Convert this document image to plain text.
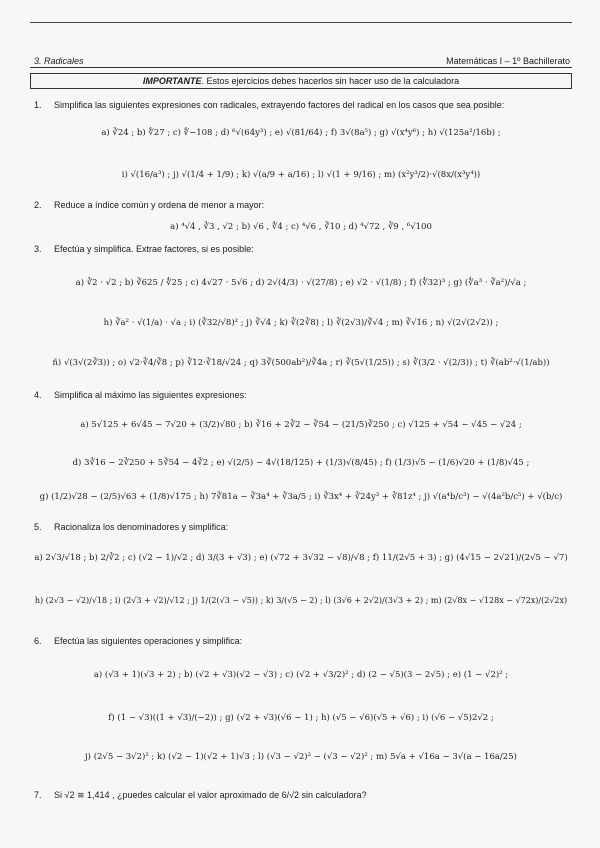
3. Radicales	Matemáticas I – 1º Bachillerato
IMPORTANTE. Estos ejercicios debes hacerlos sin hacer uso de la calculadora
1. Simplifica las siguientes expresiones con radicales, extrayendo factores del radical en los casos que sea posible:
a) ∛24 ; b) ∜27 ; c) ∜−108 ; d) ⁶√(64y³) ; e) √(81/64) ; f) 3√(8a⁵) ; g) √(x⁴y⁶) ; h) √(125a²/16b) ;
i) √(16/a³) ; j) √(1/4 + 1/9) ; k) √(a/9 + a/16) ; l) √(1 + 9/16) ; m) (x²y³/2)·√(8x/(x³y⁴))
2. Reduce a índice común y ordena de menor a mayor:
a) ⁴√4 , ∛3 , √2 ; b) √6 , ∜4 ; c) ⁴√6 , ∛10 ; d) ⁴√72 , ∛9 , ⁶√100
3. Efectúa y simplifica. Extrae factores, si es posible:
a) ∛2 · √2 ; b) ∛625 / ∜25 ; c) 4√27 · 5√6 ; d) 2√(4/3) · √(27/8) ; e) √2 · √(1/8) ; f) (∜32)³ ; g) (∜a³ · ∛a²)/√a ;
h) ∛a² · √(1/a) · √a ; i) (∛32/√8)² ; j) ∛√4 ; k) ∛(2∛8) ; l) ∛(2√3)/∛√4 ; m) ∛√16 ; n) √(2√(2√2)) ;
ñ) √(3√(2∛3)) ; o) √2·∛4/∛8 ; p) ∛12·∛18/√24 ; q) 3∛(500ab²)/∛4a ; r) ∛(5√(1/25)) ; s) ∛(3/2 · √(2/3)) ; t) ∛(ab²·√(1/ab))
4. Simplifica al máximo las siguientes expresiones:
a) 5√125 + 6√45 − 7√20 + (3/2)√80 ; b) ∛16 + 2∛2 − ∛54 − (21/5)∛250 ; c) √125 + √54 − √45 − √24 ;
d) 3∛16 − 2∛250 + 5∛54 − 4∛2 ; e) √(2/5) − 4√(18/125) + (1/3)√(8/45) ; f) (1/3)√5 − (1/6)√20 + (1/8)√45 ;
g) (1/2)√28 − (2/5)√63 + (1/8)√175 ; h) 7∛81a − ∛3a⁴ + ∛3a/5 ; i) ∛3x⁴ + ∛24y³ + ∛81z⁴ ; j) √(a⁴b/c³) − √(4a²b/c⁵) + √(b/c)
5. Racionaliza los denominadores y simplifica:
a) 2√3/√18 ; b) 2/∛2 ; c) (√2 − 1)/√2 ; d) 3/(3 + √3) ; e) (√72 + 3√32 − √8)/√8 ; f) 11/(2√5 + 3) ; g) (4√15 − 2√21)/(2√5 − √7)
h) (2√3 − √2)/√18 ; i) (2√3 + √2)/√12 ; j) 1/(2(√3 − √5)) ; k) 3/(√5 − 2) ; l) (3√6 + 2√2)/(3√3 + 2) ; m) (2√8x − √128x − √72x)/(2√2x)
6. Efectúa las siguientes operaciones y simplifica:
a) (√3 + 1)(√3 + 2) ; b) (√2 + √3)(√2 − √3) ; c) (√2 + √3/2)² ; d) (2 − √5)(3 − 2√5) ; e) (1 − √2)² ;
f) (1 − √3)((1 + √3)/(−2)) ; g) (√2 + √3)(√6 − 1) ; h) (√5 − √6)(√5 + √6) ; i) (√6 − √5)2√2 ;
j) (2√5 − 3√2)² ; k) (√2 − 1)(√2 + 1)√3 ; l) (√3 − √2)² − (√3 − √2)² ; m) 5√a + √16a − 3√(a − 16a/25)
7. Si √2 ≅ 1,414 , ¿puedes calcular el valor aproximado de 6/√2 sin calculadora?
